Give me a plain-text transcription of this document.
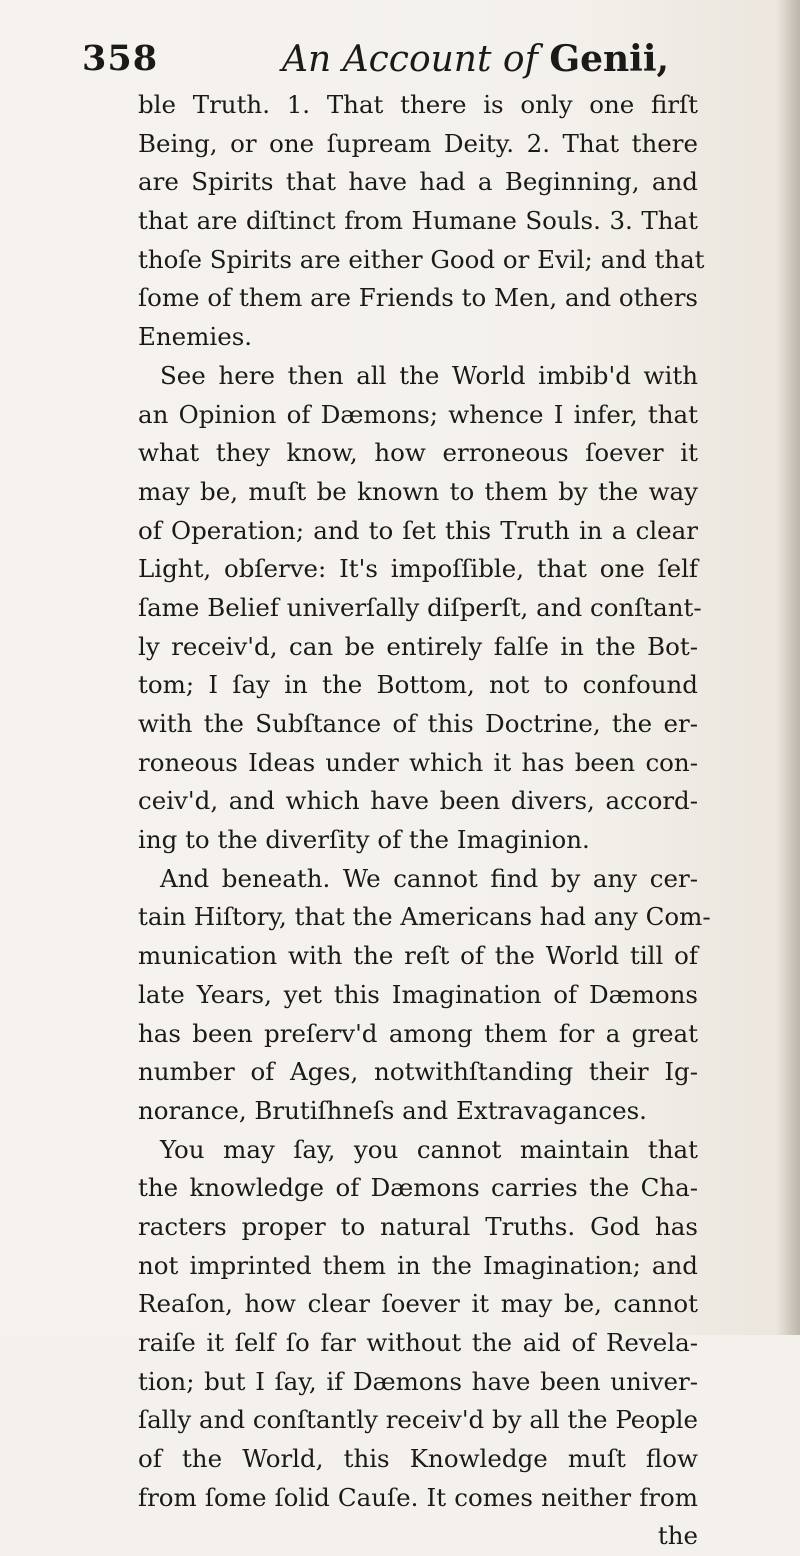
358	An Account of Genii,
ble Truth. 1. That there is only one firſt
Being, or one ſupream Deity. 2. That there
are Spirits that have had a Beginning, and
that are diſtinct from Humane Souls. 3. That
thoſe Spirits are either Good or Evil; and that
ſome of them are Friends to Men, and others
Enemies.
See here then all the World imbib'd with
an Opinion of Dæmons; whence I infer, that
what they know, how erroneous ſoever it
may be, muſt be known to them by the way
of Operation; and to ſet this Truth in a clear
Light, obſerve: It's impoſſible, that one ſelf
ſame Belief univerſally diſperſt, and conſtant-
ly receiv'd, can be entirely falſe in the Bot-
tom; I ſay in the Bottom, not to confound
with the Subſtance of this Doctrine, the er-
roneous Ideas under which it has been con-
ceiv'd, and which have been divers, accord-
ing to the diverſity of the Imaginion.
And beneath. We cannot find by any cer-
tain Hiſtory, that the Americans had any Com-
munication with the reſt of the World till of
late Years, yet this Imagination of Dæmons
has been preſerv'd among them for a great
number of Ages, notwithſtanding their Ig-
norance, Brutiſhneſs and Extravagances.
You may ſay, you cannot maintain that
the knowledge of Dæmons carries the Cha-
racters proper to natural Truths. God has
not imprinted them in the Imagination; and
Reaſon, how clear ſoever it may be, cannot
raiſe it ſelf ſo far without the aid of Revela-
tion; but I ſay, if Dæmons have been univer-
ſally and conſtantly receiv'd by all the People
of the World, this Knowledge muſt flow
from ſome ſolid Cauſe. It comes neither from
the
